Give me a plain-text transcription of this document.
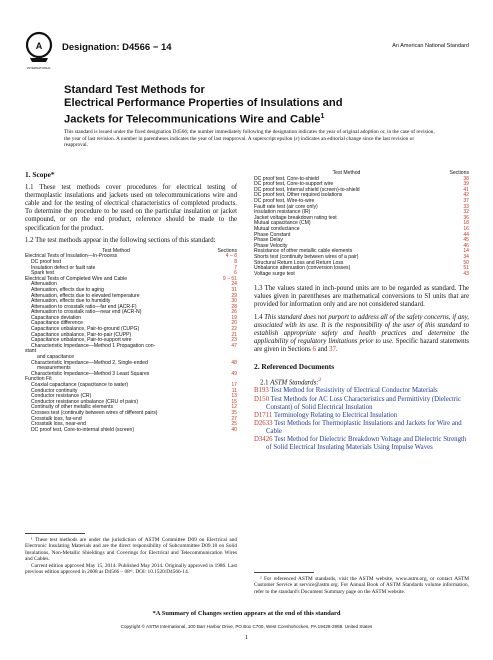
A
INTERNATIONAL
Designation: D4566 − 14	An American National Standard
Standard Test Methods for
Electrical Performance Properties of Insulations and
Jackets for Telecommunications Wire and Cable$^1$
This standard is issued under the fixed designation D4566; the number immediately following the designation indicates the year of original adoption or, in the case of revision, the year of last revision. A number in parentheses indicates the year of last reapproval. A superscript epsilon (ε) indicates an editorial change since the last revision or reapproval.
1. Scope*

1.1 These test methods cover procedures for electrical testing of thermoplastic insulations and jackets used on telecommunications wire and cable and for the testing of electrical characteristics of completed products. To determine the procedure to be used on the particular insulation or jacket compound, or on the end product, reference should be made to the specification for the product.

1.2 The test methods appear in the following sections of this standard:

Test Method	Sections
Electrical Tests of Insulation—In-Process	4 – 8
DC proof test	8
Insulation defect or fault rate	7
Spark test	6
Electrical Tests of Completed Wire and Cable	9 – 51
Attenuation	24
Attenuation, effects due to aging	31
Attenuation, effects due to elevated temperature	29
Attenuation, effects due to humidity	30
Attenuation to crosstalk ratio—far end (ACR-F)	28
Attenuation to crosstalk ratio—near end (ACR-N)	26
Capacitance deviation	19
Capacitance difference	20
Capacitance unbalance, Pair-to-ground (CUPG)	22
Capacitance unbalance, Pair-to-pair (CUPP)	21
Capacitance unbalance, Pair-to-support wire	23
Characteristic Impedance—Method 1 Propagation con-	47
stant	
and capacitance	
Characteristic Impedance—Method 2, Single-ended	48
measurements	
Characteristic Impedance—Method 3 Least Squares	49
Function Fit	
Coaxial capacitance (capacitance to water)	17
Conductor continuity	11
Conductor resistance (CR)	13
Conductor resistance unbalance (CRU of pairs)	15
Continuity of other metallic elements	12
Crosses test (continuity between wires of different pairs)	35
Crosstalk loss, far-end	27
Crosstalk loss, near-end	25
DC proof test, Core-to-internal shield (screen)	40
Test Method	Sections
DC proof test, Core-to-shield	38
DC proof test, Core-to-support wire	39
DC proof test, Internal shield (screen)-to-shield	41
DC proof test, Other required isolations	42
DC proof test, Wire-to-wire	37
Fault rate test (air core only)	33
Insulation resistance (IR)	32
Jacket voltage breakdown rating test	36
Mutual capacitance (CM)	18
Mutual conductance	16
Phase Constant	44
Phase Delay	45
Phase Velocity	46
Resistance of other metallic cable elements	14
Shorts test (continuity between wires of a pair)	34
Structural Return Loss and Return Loss	50
Unbalance attenuation (conversion losses)	51
Voltage surge test	43

1.3 The values stated in inch-pound units are to be regarded as standard. The values given in parentheses are mathematical conversions to SI units that are provided for information only and are not considered standard.

1.4 This standard does not purport to address all of the safety concerns, if any, associated with its use. It is the responsibility of the user of this standard to establish appropriate safety and health practices and determine the applicability of regulatory limitations prior to use. Specific hazard statements are given in Sections 6 and 37.

2. Referenced Documents
2.1 ASTM Standards:$^2$
B193 Test Method for Resistivity of Electrical Conductor Materials
D150 Test Methods for AC Loss Characteristics and Permittivity (Dielectric Constant) of Solid Electrical Insulation
D1711 Terminology Relating to Electrical Insulation
D2633 Test Methods for Thermoplastic Insulations and Jackets for Wire and Cable
D3426 Test Method for Dielectric Breakdown Voltage and Dielectric Strength of Solid Electrical Insulating Materials Using Impulse Waves
¹ These test methods are under the jurisdiction of ASTM Committee D09 on Electrical and Electronic Insulating Materials and are the direct responsibility of Subcommittee D09.18 on Solid Insulations, Non-Metallic Shieldings and Coverings for Electrical and Telecommunication Wires and Cables.
Current edition approved May 15, 2014. Published May 2014. Originally approved in 1986. Last previous edition approved in 2008 as D4566 – 08ᵉ¹. DOI: 10.1520/D4566-14.
² For referenced ASTM standards, visit the ASTM website, www.astm.org, or contact ASTM Customer Service at service@astm.org. For Annual Book of ASTM Standards volume information, refer to the standard's Document Summary page on the ASTM website.
*A Summary of Changes section appears at the end of this standard
Copyright © ASTM International, 100 Barr Harbor Drive, PO Box C700, West Conshohocken, PA 19428-2959. United States
1
